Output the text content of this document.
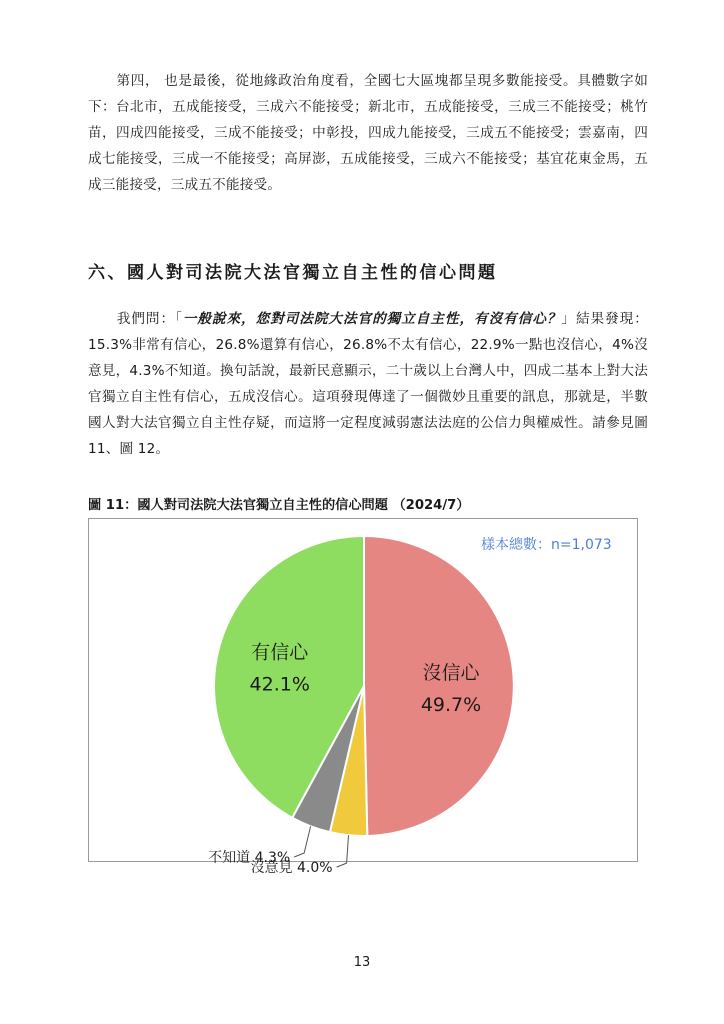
第四， 也是最後，從地緣政治角度看，全國七大區塊都呈現多數能接受。具體數字如下：台北市，五成能接受，三成六不能接受；新北市，五成能接受，三成三不能接受；桃竹苗，四成四能接受，三成不能接受；中彰投，四成九能接受，三成五不能接受；雲嘉南，四成七能接受，三成一不能接受；高屏澎，五成能接受，三成六不能接受；基宜花東金馬，五成三能接受，三成五不能接受。

六、國人對司法院大法官獨立自主性的信心問題

我們問：「一般說來，您對司法院大法官的獨立自主性，有沒有信心？」結果發現：15.3%非常有信心，26.8%還算有信心，26.8%不太有信心，22.9%一點也沒信心，4%沒意見，4.3%不知道。換句話說，最新民意顯示，二十歲以上台灣人中，四成二基本上對大法官獨立自主性有信心，五成沒信心。這項發現傳達了一個微妙且重要的訊息，那就是，半數國人對大法官獨立自主性存疑，而這將一定程度減弱憲法法庭的公信力與權威性。請參見圖 11、圖 12。

圖 11：國人對司法院大法官獨立自主性的信心問題 （2024/7）

樣本總數：n=1,073
沒信心
49.7%
沒意見 4.0%
不知道 4.3%
有信心
42.1%
13
